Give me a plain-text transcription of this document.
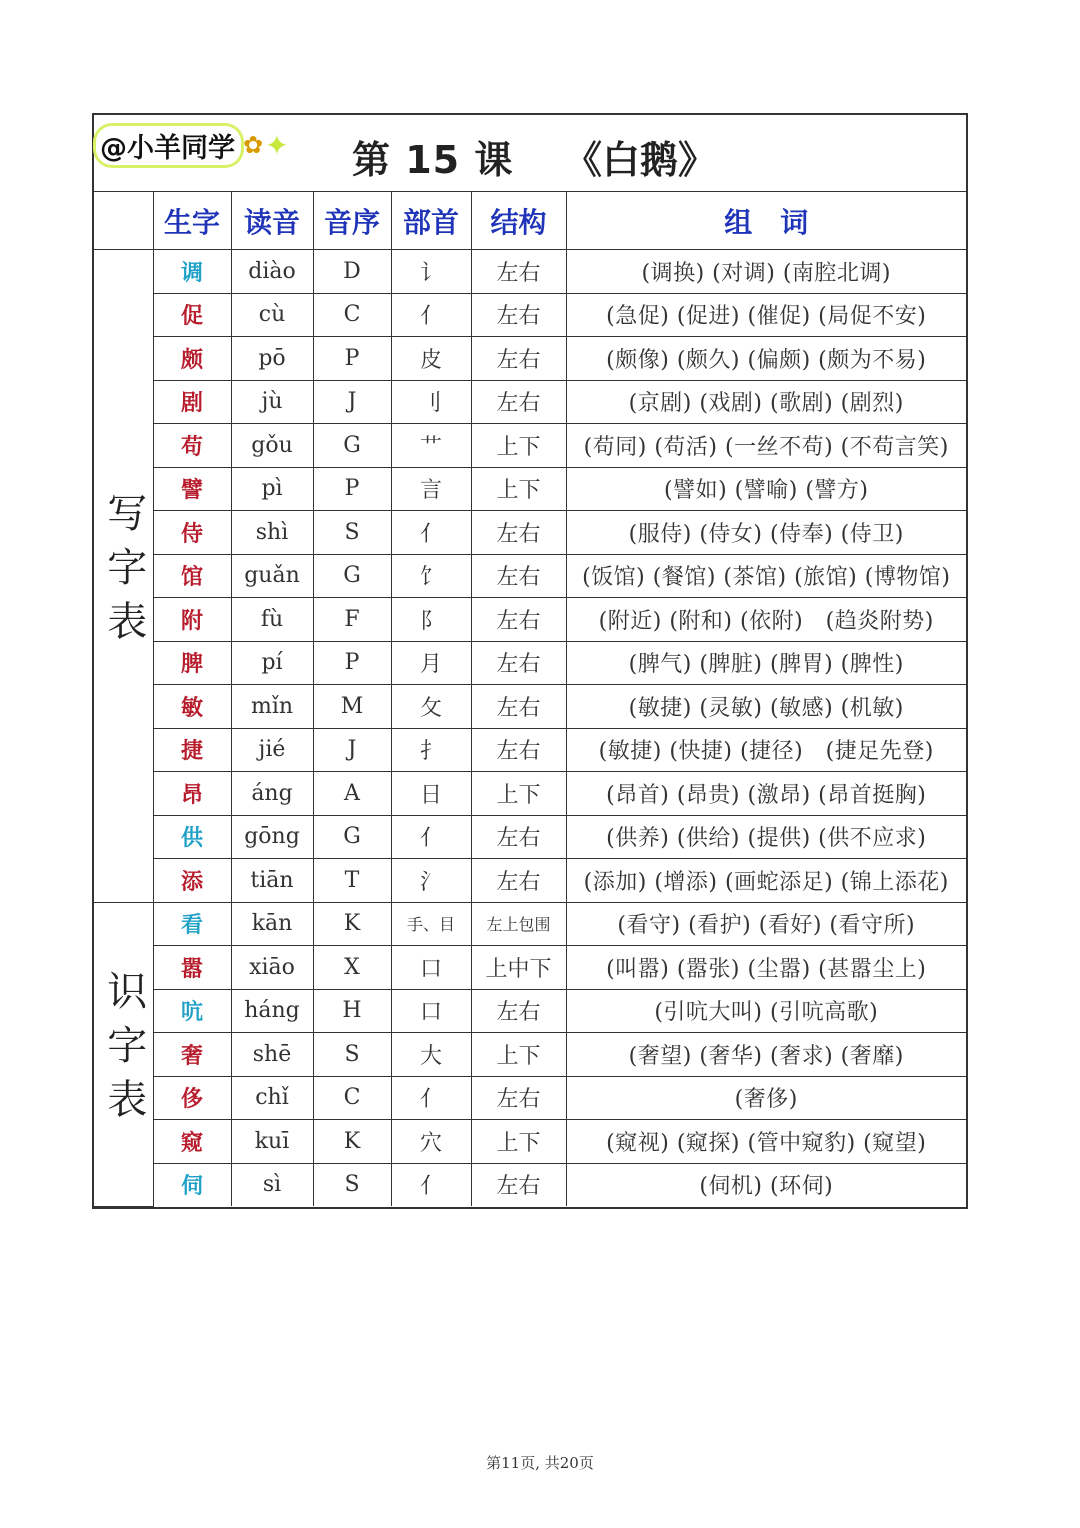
@小羊同学 ✿ ✦ 第 15 课 《白鹅》
	生字	读音	音序	部首	结构	组　词
写字表	调	diào	D	讠	左右	(调换) (对调) (南腔北调)
	促	cù	C	亻	左右	(急促) (促进) (催促) (局促不安)
	颇	pō	P	皮	左右	(颇像) (颇久) (偏颇) (颇为不易)
	剧	jù	J	刂	左右	(京剧) (戏剧) (歌剧) (剧烈)
	苟	gǒu	G	艹	上下	(苟同) (苟活) (一丝不苟) (不苟言笑)
	譬	pì	P	言	上下	(譬如) (譬喻) (譬方)
	侍	shì	S	亻	左右	(服侍) (侍女) (侍奉) (侍卫)
	馆	guǎn	G	饣	左右	(饭馆) (餐馆) (茶馆) (旅馆) (博物馆)
	附	fù	F	阝	左右	(附近) (附和) (依附)　(趋炎附势)
	脾	pí	P	月	左右	(脾气) (脾脏) (脾胃) (脾性)
	敏	mǐn	M	攵	左右	(敏捷) (灵敏) (敏感) (机敏)
	捷	jié	J	扌	左右	(敏捷) (快捷) (捷径)　(捷足先登)
	昂	áng	A	日	上下	(昂首) (昂贵) (激昂) (昂首挺胸)
	供	gōng	G	亻	左右	(供养) (供给) (提供) (供不应求)
	添	tiān	T	氵	左右	(添加) (增添) (画蛇添足) (锦上添花)
识字表	看	kān	K	手、目	左上包围	(看守) (看护) (看好) (看守所)
	嚣	xiāo	X	口	上中下	(叫嚣) (嚣张) (尘嚣) (甚嚣尘上)
	吭	háng	H	口	左右	(引吭大叫) (引吭高歌)
	奢	shē	S	大	上下	(奢望) (奢华) (奢求) (奢靡)
	侈	chǐ	C	亻	左右	(奢侈)
	窥	kuī	K	穴	上下	(窥视) (窥探) (管中窥豹) (窥望)
	伺	sì	S	亻	左右	(伺机) (环伺)
第11页, 共20页
